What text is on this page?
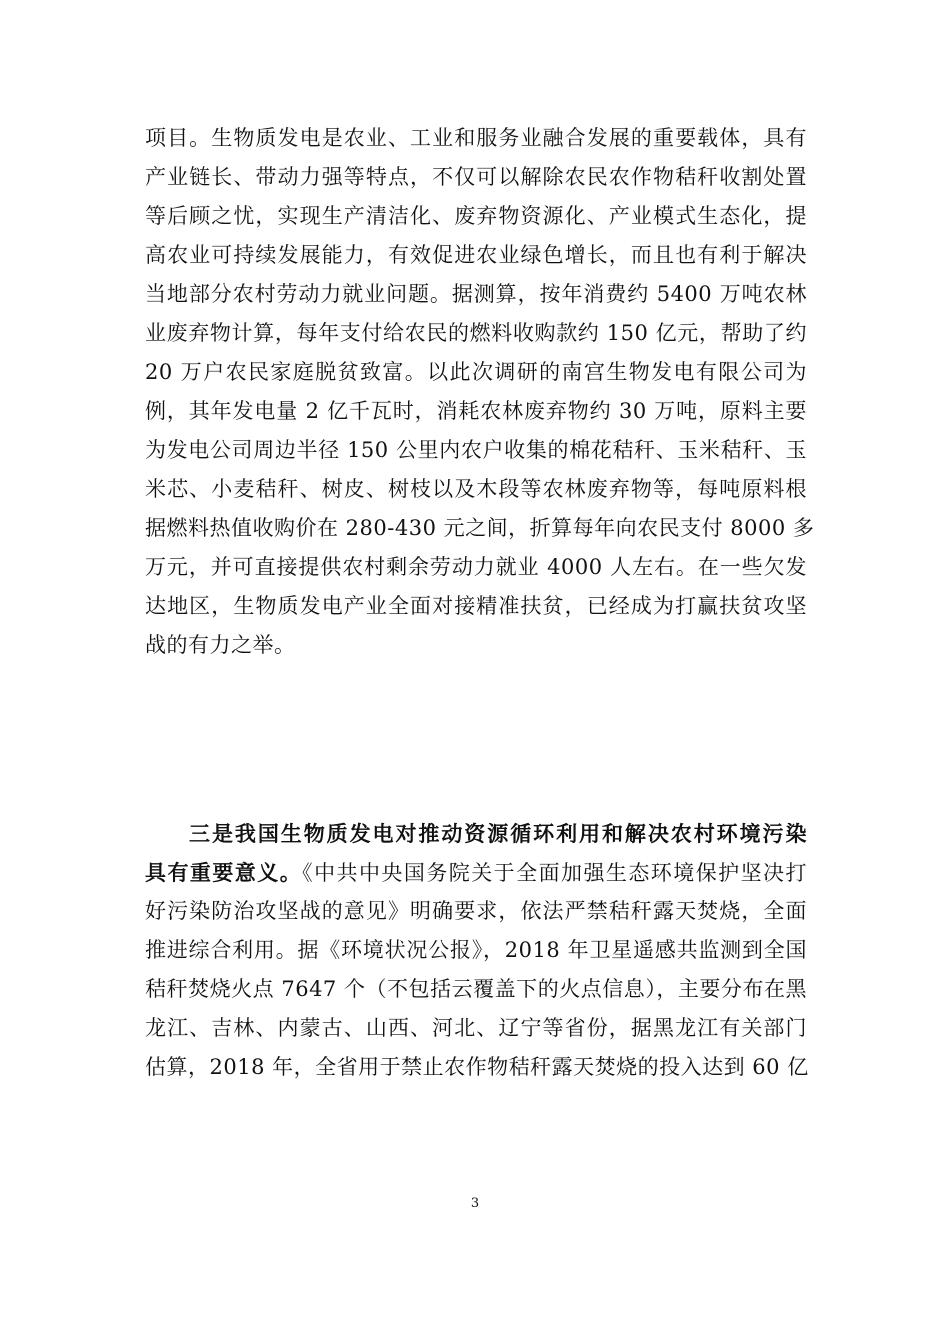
项目。生物质发电是农业、工业和服务业融合发展的重要载体，具有
产业链长、带动力强等特点，不仅可以解除农民农作物秸秆收割处置
等后顾之忧，实现生产清洁化、废弃物资源化、产业模式生态化，提
高农业可持续发展能力，有效促进农业绿色增长，而且也有利于解决
当地部分农村劳动力就业问题。据测算，按年消费约 5400 万吨农林
业废弃物计算，每年支付给农民的燃料收购款约 150 亿元，帮助了约
20 万户农民家庭脱贫致富。以此次调研的南宫生物发电有限公司为
例，其年发电量 2 亿千瓦时，消耗农林废弃物约 30 万吨，原料主要
为发电公司周边半径 150 公里内农户收集的棉花秸秆、玉米秸秆、玉
米芯、小麦秸秆、树皮、树枝以及木段等农林废弃物等，每吨原料根
据燃料热值收购价在 280-430 元之间，折算每年向农民支付 8000 多
万元，并可直接提供农村剩余劳动力就业 4000 人左右。在一些欠发
达地区，生物质发电产业全面对接精准扶贫，已经成为打赢扶贫攻坚
战的有力之举。
三是我国生物质发电对推动资源循环利用和解决农村环境污染
具有重要意义。《中共中央国务院关于全面加强生态环境保护坚决打
好污染防治攻坚战的意见》明确要求，依法严禁秸秆露天焚烧，全面
推进综合利用。据《环境状况公报》，2018 年卫星遥感共监测到全国
秸秆焚烧火点 7647 个（不包括云覆盖下的火点信息），主要分布在黑
龙江、吉林、内蒙古、山西、河北、辽宁等省份，据黑龙江有关部门
估算，2018 年，全省用于禁止农作物秸秆露天焚烧的投入达到 60 亿
3
